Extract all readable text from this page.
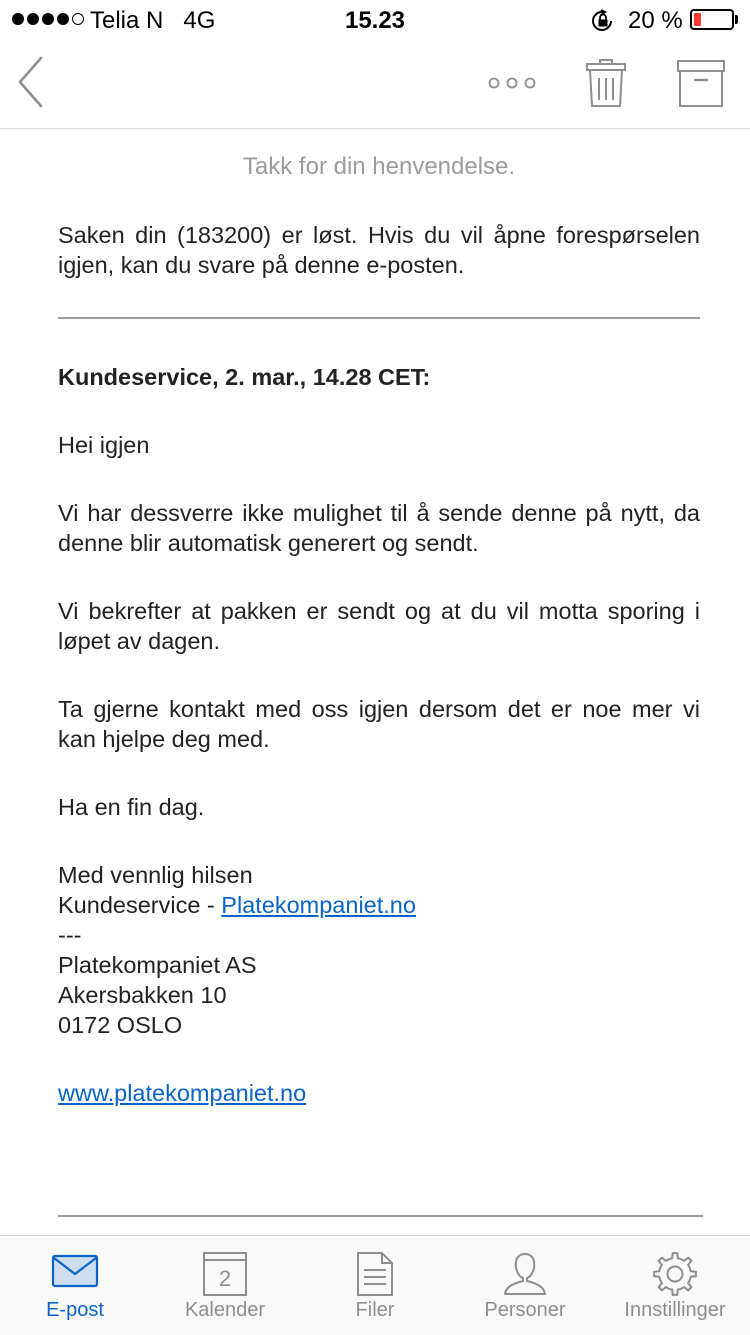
Telia N 4G	15.23	20 %
Takk for din henvendelse.

Saken din (183200) er løst. Hvis du vil åpne forespørselen igjen, kan du svare på denne e-posten.

Kundeservice, 2. mar., 14.28 CET:

Hei igjen

Vi har dessverre ikke mulighet til å sende denne på nytt, da denne blir automatisk generert og sendt.

Vi bekrefter at pakken er sendt og at du vil motta sporing i løpet av dagen.

Ta gjerne kontakt med oss igjen dersom det er noe mer vi kan hjelpe deg med.

Ha en fin dag.

Med vennlig hilsen
Kundeservice - Platekompaniet.no
---
Platekompaniet AS
Akersbakken 10
0172 OSLO

www.platekompaniet.no

E-post
2
Kalender	Filer	Personer	Innstillinger
